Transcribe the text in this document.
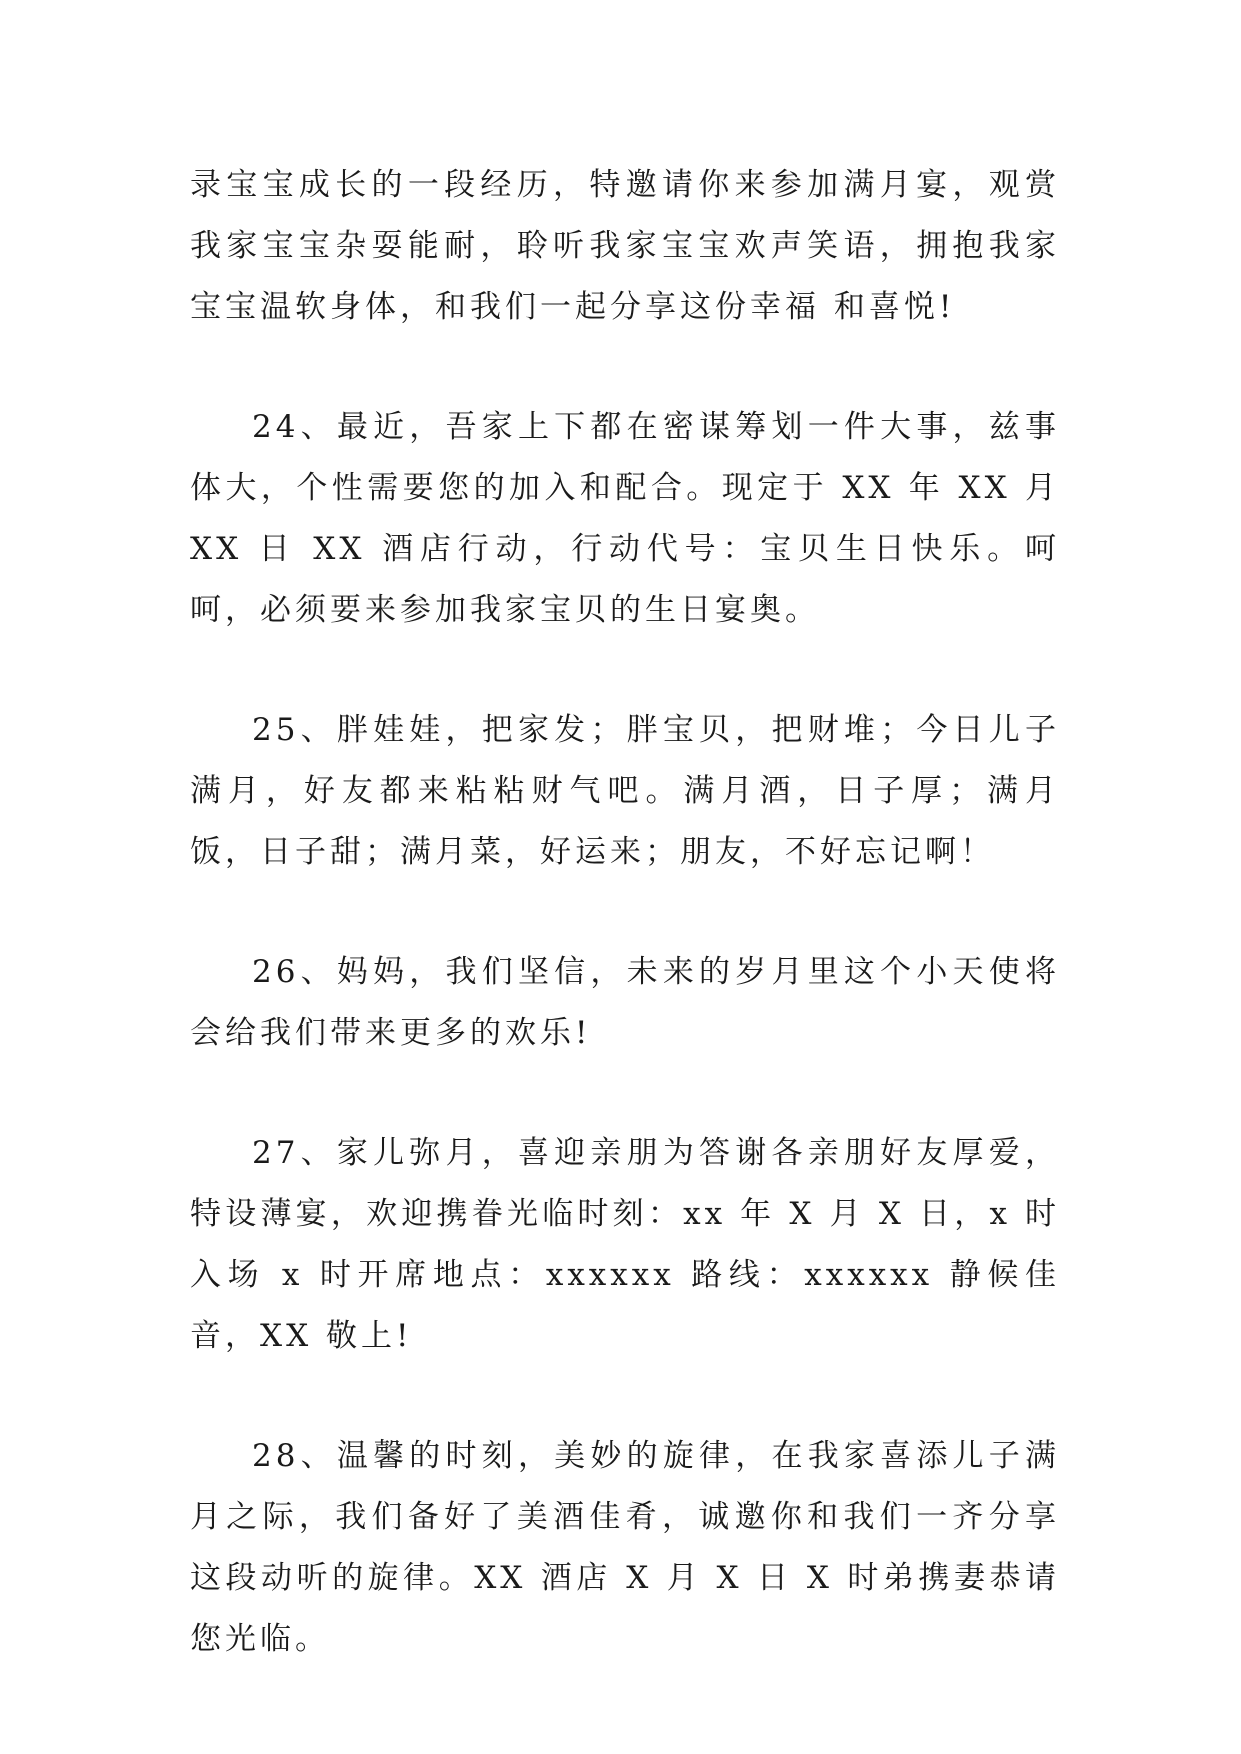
录宝宝成长的一段经历，特邀请你来参加满月宴，观赏我家宝宝杂耍能耐，聆听我家宝宝欢声笑语，拥抱我家宝宝温软身体，和我们一起分享这份幸福 和喜悦!

24、最近，吾家上下都在密谋筹划一件大事，兹事体大，个性需要您的加入和配合。现定于 XX 年 XX 月 XX 日 XX 酒店行动，行动代号：宝贝生日快乐。呵呵，必须要来参加我家宝贝的生日宴奥。

25、胖娃娃，把家发；胖宝贝，把财堆；今日儿子满月，好友都来粘粘财气吧。满月酒，日子厚；满月饭，日子甜；满月菜，好运来；朋友，不好忘记啊！

26、妈妈，我们坚信，未来的岁月里这个小天使将会给我们带来更多的欢乐!

27、家儿弥月，喜迎亲朋为答谢各亲朋好友厚爱，特设薄宴，欢迎携眷光临时刻：xx 年 X 月 X 日，x 时入场 x 时开席地点：xxxxxx 路线：xxxxxx 静候佳音，XX 敬上!

28、温馨的时刻，美妙的旋律，在我家喜添儿子满月之际，我们备好了美酒佳肴，诚邀你和我们一齐分享这段动听的旋律。XX 酒店 X 月 X 日 X 时弟携妻恭请您光临。
